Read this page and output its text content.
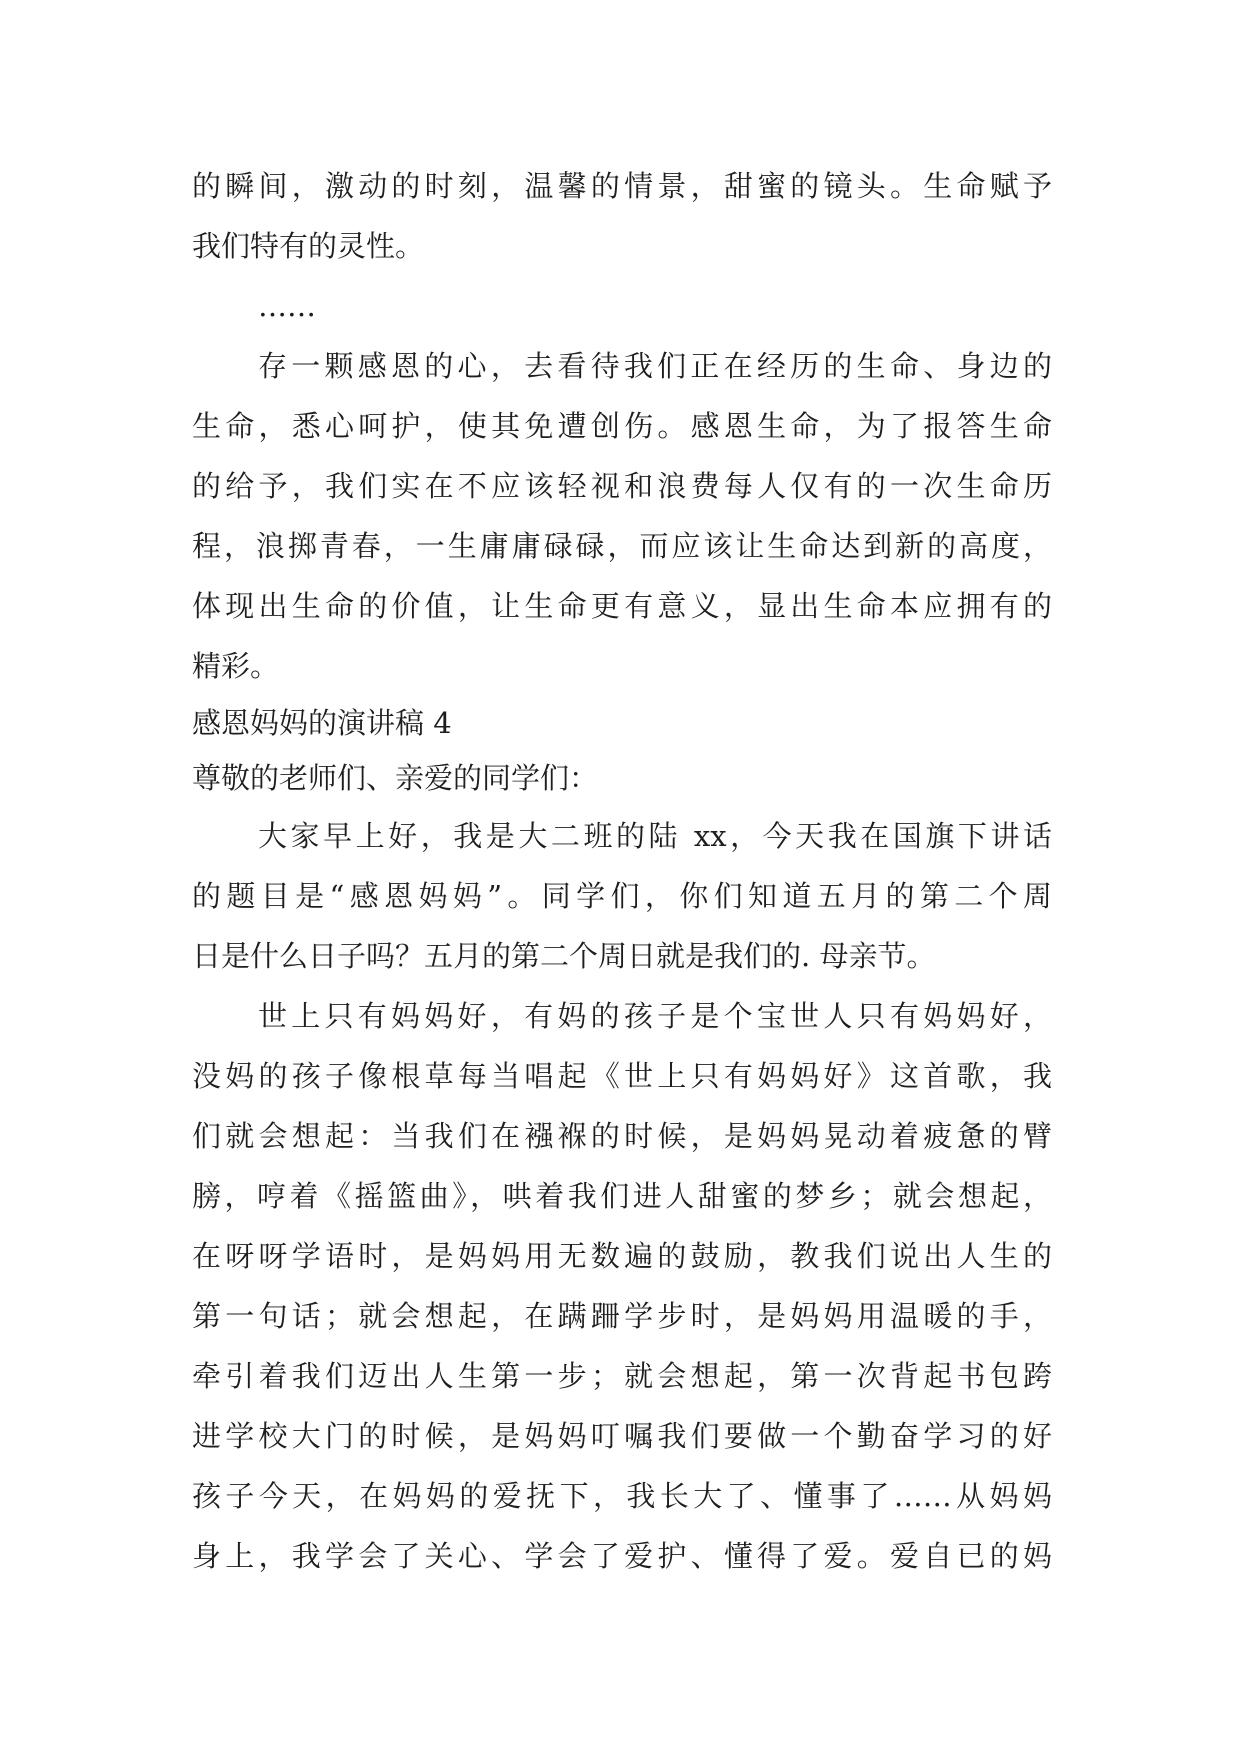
的瞬间，激动的时刻，温馨的情景，甜蜜的镜头。生命赋予
我们特有的灵性。
……
存一颗感恩的心，去看待我们正在经历的生命、身边的
生命，悉心呵护，使其免遭创伤。感恩生命，为了报答生命
的给予，我们实在不应该轻视和浪费每人仅有的一次生命历
程，浪掷青春，一生庸庸碌碌，而应该让生命达到新的高度，
体现出生命的价值，让生命更有意义，显出生命本应拥有的
精彩。
感恩妈妈的演讲稿 4
尊敬的老师们、亲爱的同学们：
大家早上好，我是大二班的陆 xx，今天我在国旗下讲话
的题目是“感恩妈妈”。同学们，你们知道五月的第二个周
日是什么日子吗？五月的第二个周日就是我们的. 母亲节。
世上只有妈妈好，有妈的孩子是个宝世人只有妈妈好，
没妈的孩子像根草每当唱起《世上只有妈妈好》这首歌，我
们就会想起：当我们在襁褓的时候，是妈妈晃动着疲惫的臂
膀，哼着《摇篮曲》，哄着我们进人甜蜜的梦乡；就会想起，
在呀呀学语时，是妈妈用无数遍的鼓励，教我们说出人生的
第一句话；就会想起，在蹒跚学步时，是妈妈用温暖的手，
牵引着我们迈出人生第一步；就会想起，第一次背起书包跨
进学校大门的时候，是妈妈叮嘱我们要做一个勤奋学习的好
孩子今天，在妈妈的爱抚下，我长大了、懂事了……从妈妈
身上，我学会了关心、学会了爱护、懂得了爱。爱自已的妈
